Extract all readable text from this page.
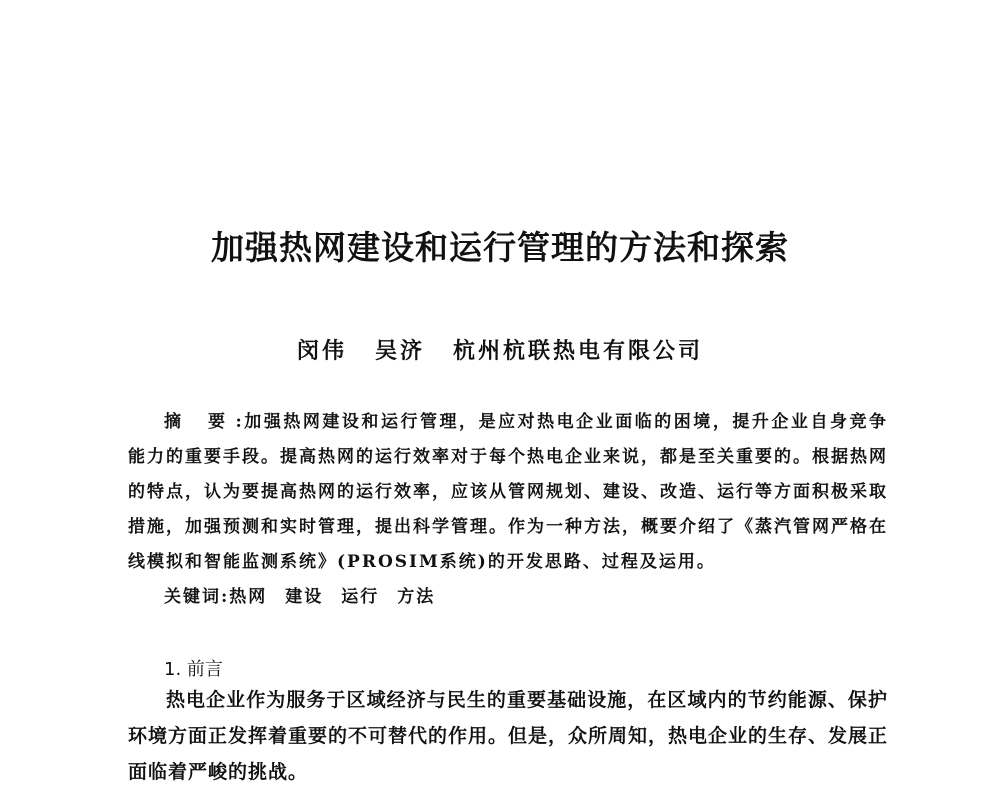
加强热网建设和运行管理的方法和探索
闵伟 吴济 杭州杭联热电有限公司
摘 要:加强热网建设和运行管理，是应对热电企业面临的困境，提升企业自身竞争能力的重要手段。提高热网的运行效率对于每个热电企业来说，都是至关重要的。根据热网的特点，认为要提高热网的运行效率，应该从管网规划、建设、改造、运行等方面积极采取措施，加强预测和实时管理，提出科学管理。作为一种方法，概要介绍了《蒸汽管网严格在线模拟和智能监测系统》(PROSIM系统)的开发思路、过程及运用。
关键词:热网 建设 运行 方法
1. 前言
热电企业作为服务于区域经济与民生的重要基础设施，在区域内的节约能源、保护环境方面正发挥着重要的不可替代的作用。但是，众所周知，热电企业的生存、发展正面临着严峻的挑战。
